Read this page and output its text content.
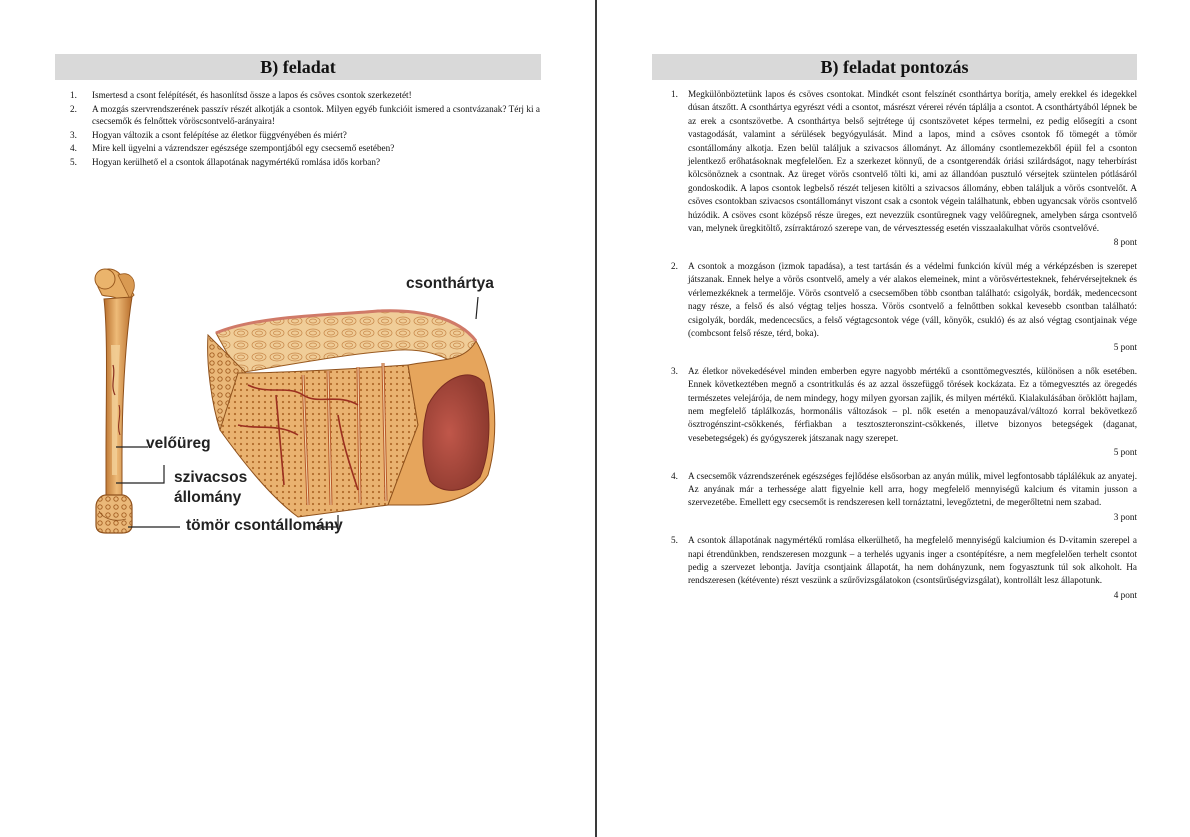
B) feladat
1.	Ismertesd a csont felépítését, és hasonlítsd össze a lapos és csöves csontok szerkezetét!
2.	A mozgás szervrendszerének passzív részét alkotják a csontok. Milyen egyéb funkcióit ismered a csontvázanak? Térj ki a csecsemők és felnőttek vöröscsontvelő-arányaira!
3.	Hogyan változik a csont felépítése az életkor függvényében és miért?
4.	Mire kell ügyelni a vázrendszer egészsége szempontjából egy csecsemő esetében?
5.	Hogyan kerülhető el a csontok állapotának nagymértékű romlása idős korban?
csonthártya
velőüreg
szivacsos
állomány
tömör csontállomány
B) feladat pontozás
1.	Megkülönböztetünk lapos és csöves csontokat. Mindkét csont felszínét csonthártya borítja, amely erekkel és idegekkel dúsan átszőtt. A csonthártya egyrészt védi a csontot, másrészt vérerei révén táplálja a csontot. A csonthártyából lépnek be az erek a csontszövetbe. A csonthártya belső sejtrétege új csontszövetet képes termelni, ez pedig elősegíti a csont vastagodását, valamint a sérülések begyógyulását. Mind a lapos, mind a csöves csontok fő tömegét a tömör csontállomány alkotja. Ezen belül találjuk a szivacsos állományt. Az állomány csontlemezekből épül fel a csonton jelentkező erőhatásoknak megfelelően. Ez a szerkezet könnyű, de a csontgerendák óriási szilárdságot, nagy teherbírást kölcsönöznek a csontnak. Az üreget vörös csontvelő tölti ki, ami az állandóan pusztuló vérsejtek szüntelen pótlásáról gondoskodik. A lapos csontok legbelső részét teljesen kitölti a szivacsos állomány, ebben találjuk a vörös csontvelőt. A csöves csontokban szivacsos csontállományt viszont csak a csontok végein találhatunk, ebben ugyancsak vörös csontvelő húzódik. A csöves csont középső része üreges, ezt nevezzük csontüregnek vagy velőüregnek, amelyben sárga csontvelő van, melynek üregkitöltő, zsírraktározó szerepe van, de vérvesztesség esetén visszaalakulhat vörös csontvelővé.
8 pont
2.	A csontok a mozgáson (izmok tapadása), a test tartásán és a védelmi funkción kívül még a vérképzésben is szerepet játszanak. Ennek helye a vörös csontvelő, amely a vér alakos elemeinek, mint a vörösvértesteknek, fehérvérsejteknek és vérlemezkéknek a termelője. Vörös csontvelő a csecsemőben több csontban található: csigolyák, bordák, medencecsont nagy része, a felső és alsó végtag teljes hossza. Vörös csontvelő a felnőttben sokkal kevesebb csontban található: csigolyák, bordák, medencecsűcs, a felső végtagcsontok vége (váll, könyök, csukló) és az alsó végtag csontjainak vége (combcsont felső része, térd, boka).
5 pont
3.	Az életkor növekedésével minden emberben egyre nagyobb mértékű a csonttömegvesztés, különösen a nők esetében. Ennek következtében megnő a csontritkulás és az azzal összefüggő törések kockázata. Ez a tömegvesztés az öregedés természetes velejárója, de nem mindegy, hogy milyen gyorsan zajlik, és milyen mértékű. Kialakulásában öröklött hajlam, nem megfelelő táplálkozás, hormonális változások – pl. nők esetén a menopauzával/változó korral bekövetkező ösztrogénszint-csökkenés, férfiakban a tesztoszteronszint-csökkenés, illetve bizonyos betegségek (daganat, vesebetegségek) és gyógyszerek játszanak nagy szerepet.
5 pont
4.	A csecsemők vázrendszerének egészséges fejlődése elsősorban az anyán múlik, mivel legfontosabb táplálékuk az anyatej. Az anyának már a terhessége alatt figyelnie kell arra, hogy megfelelő mennyiségű kalcium és vitamin jusson a szervezetébe. Emellett egy csecsemőt is rendszeresen kell tornáztatni, levegőztetni, de megerőltetni nem szabad.
3 pont
5.	A csontok állapotának nagymértékű romlása elkerülhető, ha megfelelő mennyiségű kalciumion és D-vitamin szerepel a napi étrendünkben, rendszeresen mozgunk – a terhelés ugyanis inger a csontépítésre, a nem megfelelően terhelt csontot pedig a szervezet lebontja. Javítja csontjaink állapotát, ha nem dohányzunk, nem fogyasztunk túl sok alkoholt. Ha rendszeresen (kétévente) részt veszünk a szűrővizsgálatokon (csontsűrűségvizsgálat), kontrollált lesz állapotunk.
4 pont
